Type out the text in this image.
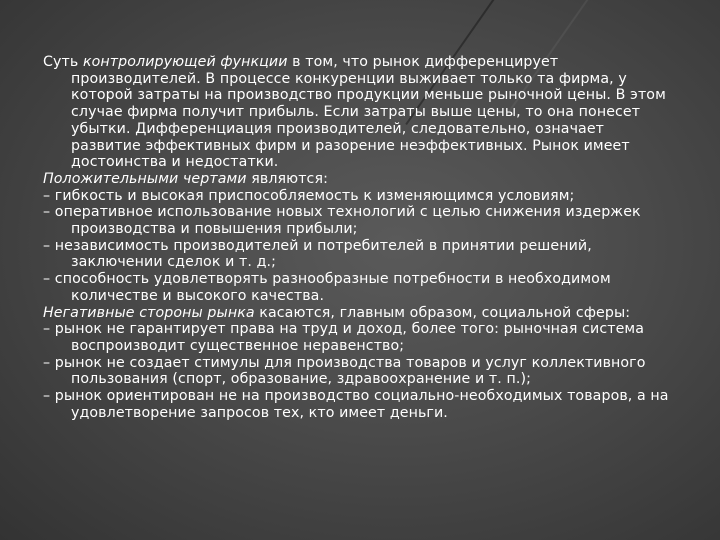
Суть контролирующей функции в том, что рынок дифференцирует производителей. В процессе конкуренции выживает только та фирма, у которой затраты на производство продукции меньше рыночной цены. В этом случае фирма получит прибыль. Если затраты выше цены, то она понесет убытки. Дифференциация производителей, следовательно, означает развитие эффективных фирм и разорение неэффективных. Рынок имеет достоинства и недостатки.

Положительными чертами являются:

– гибкость и высокая приспособляемость к изменяющимся условиям;

– оперативное использование новых технологий с целью снижения издержек производства и повышения прибыли;

– независимость производителей и потребителей в принятии решений, заключении сделок и т. д.;

– способность удовлетворять разнообразные потребности в необходимом количестве и высокого качества.

Негативные стороны рынка касаются, главным образом, социальной сферы:

– рынок не гарантирует права на труд и доход, более того: рыночная система воспроизводит существенное неравенство;

– рынок не создает стимулы для производства товаров и услуг коллективного пользования (спорт, образование, здравоохранение и т. п.);

– рынок ориентирован не на производство социально-необходимых товаров, а на удовлетворение запросов тех, кто имеет деньги.
